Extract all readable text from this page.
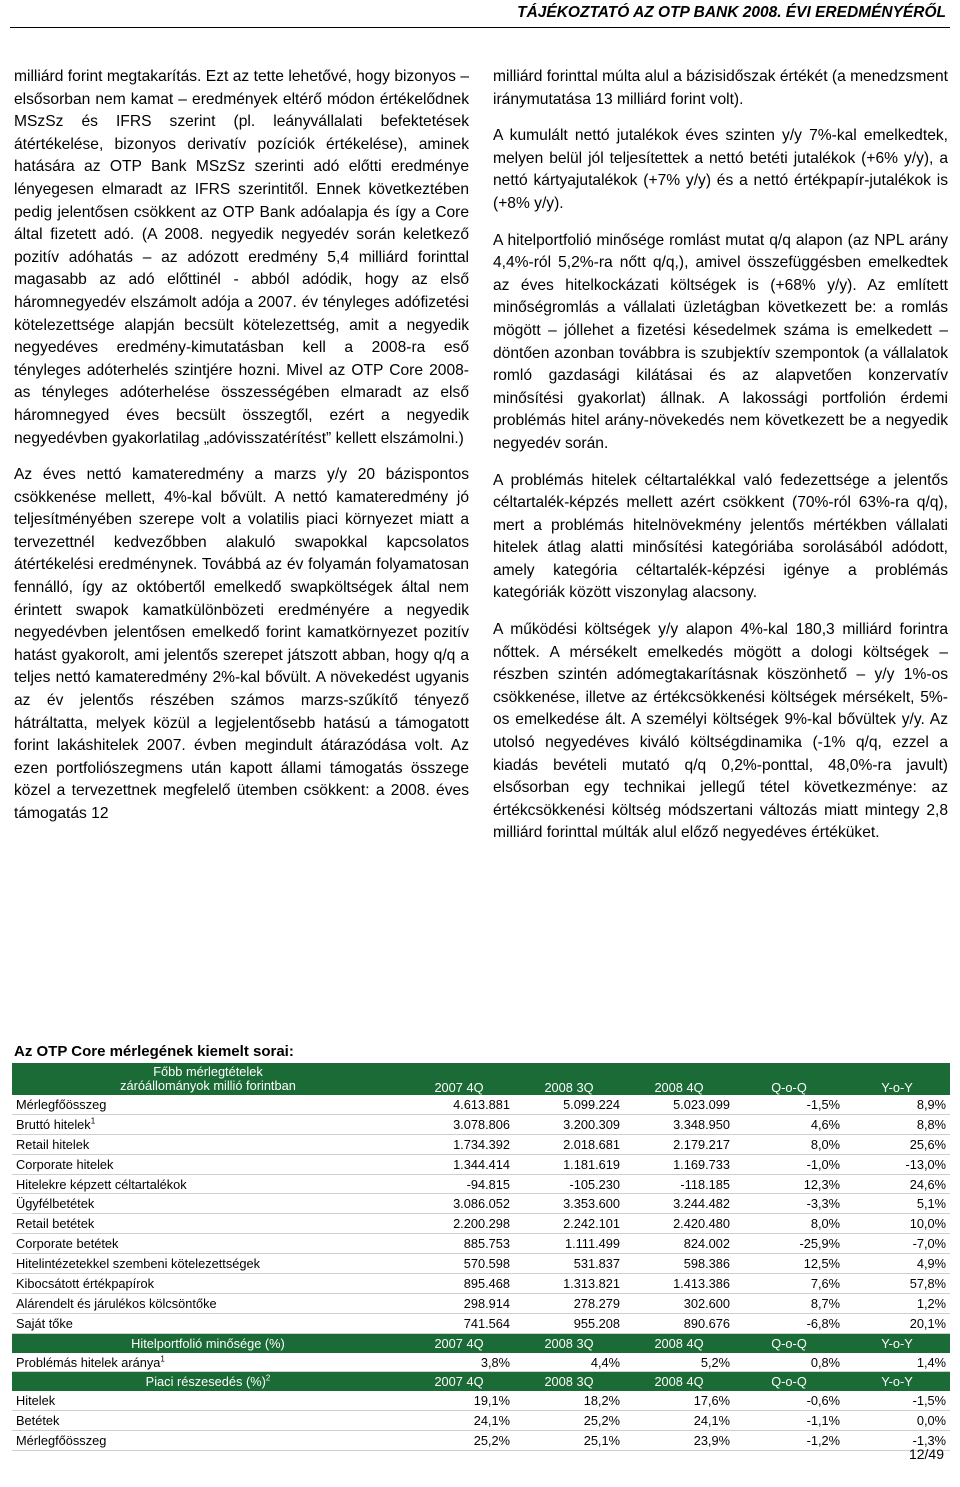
TÁJÉKOZTATÓ AZ OTP BANK 2008. ÉVI EREDMÉNYÉRŐL

milliárd forint megtakarítás. Ezt az tette lehetővé, hogy bizonyos – elsősorban nem kamat – eredmények eltérő módon értékelődnek MSzSz és IFRS szerint (pl. leányvállalati befektetések átértékelése, bizonyos derivatív pozíciók értékelése), aminek hatására az OTP Bank MSzSz szerinti adó előtti eredménye lényegesen elmaradt az IFRS szerintitől. Ennek következtében pedig jelentősen csökkent az OTP Bank adóalapja és így a Core által fizetett adó. (A 2008. negyedik negyedév során keletkező pozitív adóhatás – az adózott eredmény 5,4 milliárd forinttal magasabb az adó előttinél - abból adódik, hogy az első háromnegyedév elszámolt adója a 2007. év tényleges adófizetési kötelezettsége alapján becsült kötelezettség, amit a negyedik negyedéves eredmény-kimutatásban kell a 2008-ra eső tényleges adóterhelés szintjére hozni. Mivel az OTP Core 2008-as tényleges adóterhelése összességében elmaradt az első háromnegyed éves becsült összegtől, ezért a negyedik negyedévben gyakorlatilag „adóvisszatérítést” kellett elszámolni.)

Az éves nettó kamateredmény a marzs y/y 20 bázispontos csökkenése mellett, 4%-kal bővült. A nettó kamateredmény jó teljesítményében szerepe volt a volatilis piaci környezet miatt a tervezettnél kedvezőbben alakuló swapokkal kapcsolatos átértékelési eredménynek. Továbbá az év folyamán folyamatosan fennálló, így az októbertől emelkedő swapköltségek által nem érintett swapok kamatkülönbözeti eredményére a negyedik negyedévben jelentősen emelkedő forint kamatkörnyezet pozitív hatást gyakorolt, ami jelentős szerepet játszott abban, hogy q/q a teljes nettó kamateredmény 2%-kal bővült. A növekedést ugyanis az év jelentős részében számos marzs-szűkítő tényező hátráltatta, melyek közül a legjelentősebb hatású a támogatott forint lakáshitelek 2007. évben megindult átárazódása volt. Az ezen portfoliószegmens után kapott állami támogatás összege közel a tervezettnek megfelelő ütemben csökkent: a 2008. éves támogatás 12

milliárd forinttal múlta alul a bázisidőszak értékét (a menedzsment iránymutatása 13 milliárd forint volt).

A kumulált nettó jutalékok éves szinten y/y 7%-kal emelkedtek, melyen belül jól teljesítettek a nettó betéti jutalékok (+6% y/y), a nettó kártyajutalékok (+7% y/y) és a nettó értékpapír-jutalékok is (+8% y/y).

A hitelportfolió minősége romlást mutat q/q alapon (az NPL arány 4,4%-ról 5,2%-ra nőtt q/q,), amivel összefüggésben emelkedtek az éves hitelkockázati költségek is (+68% y/y). Az említett minőségromlás a vállalati üzletágban következett be: a romlás mögött – jóllehet a fizetési késedelmek száma is emelkedett – döntően azonban továbbra is szubjektív szempontok (a vállalatok romló gazdasági kilátásai és az alapvetően konzervatív minősítési gyakorlat) állnak. A lakossági portfolión érdemi problémás hitel arány-növekedés nem következett be a negyedik negyedév során.

A problémás hitelek céltartalékkal való fedezettsége a jelentős céltartalék-képzés mellett azért csökkent (70%-ról 63%-ra q/q), mert a problémás hitelnövekmény jelentős mértékben vállalati hitelek átlag alatti minősítési kategóriába sorolásából adódott, amely kategória céltartalék-képzési igénye a problémás kategóriák között viszonylag alacsony.

A működési költségek y/y alapon 4%-kal 180,3 milliárd forintra nőttek. A mérsékelt emelkedés mögött a dologi költségek – részben szintén adómegtakarításnak köszönhető – y/y 1%-os csökkenése, illetve az értékcsökkenési költségek mérsékelt, 5%-os emelkedése ált. A személyi költségek 9%-kal bővültek y/y. Az utolsó negyedéves kiváló költségdinamika (-1% q/q, ezzel a kiadás bevételi mutató q/q 0,2%-ponttal, 48,0%-ra javult) elsősorban egy technikai jellegű tétel következménye: az értékcsökkenési költség módszertani változás miatt mintegy 2,8 milliárd forinttal múlták alul előző negyedéves értéküket.

Az OTP Core mérlegének kiemelt sorai:
Főbb mérlegtételek
záróállományok millió forintban	2007 4Q	2008 3Q	2008 4Q	Q-o-Q	Y-o-Y
Mérlegfőösszeg	4.613.881	5.099.224	5.023.099	-1,5%	8,9%
Bruttó hitelek$^1$	3.078.806	3.200.309	3.348.950	4,6%	8,8%
Retail hitelek	1.734.392	2.018.681	2.179.217	8,0%	25,6%
Corporate hitelek	1.344.414	1.181.619	1.169.733	-1,0%	-13,0%
Hitelekre képzett céltartalékok	-94.815	-105.230	-118.185	12,3%	24,6%
Ügyfélbetétek	3.086.052	3.353.600	3.244.482	-3,3%	5,1%
Retail betétek	2.200.298	2.242.101	2.420.480	8,0%	10,0%
Corporate betétek	885.753	1.111.499	824.002	-25,9%	-7,0%
Hitelintézetekkel szembeni kötelezettségek	570.598	531.837	598.386	12,5%	4,9%
Kibocsátott értékpapírok	895.468	1.313.821	1.413.386	7,6%	57,8%
Alárendelt és járulékos kölcsöntőke	298.914	278.279	302.600	8,7%	1,2%
Saját tőke	741.564	955.208	890.676	-6,8%	20,1%
Hitelportfolió minősége (%)	2007 4Q	2008 3Q	2008 4Q	Q-o-Q	Y-o-Y
Problémás hitelek aránya$^1$	3,8%	4,4%	5,2%	0,8%	1,4%
Piaci részesedés (%)$^2$	2007 4Q	2008 3Q	2008 4Q	Q-o-Q	Y-o-Y
Hitelek	19,1%	18,2%	17,6%	-0,6%	-1,5%
Betétek	24,1%	25,2%	24,1%	-1,1%	0,0%
Mérlegfőösszeg	25,2%	25,1%	23,9%	-1,2%	-1,3%
12/49
